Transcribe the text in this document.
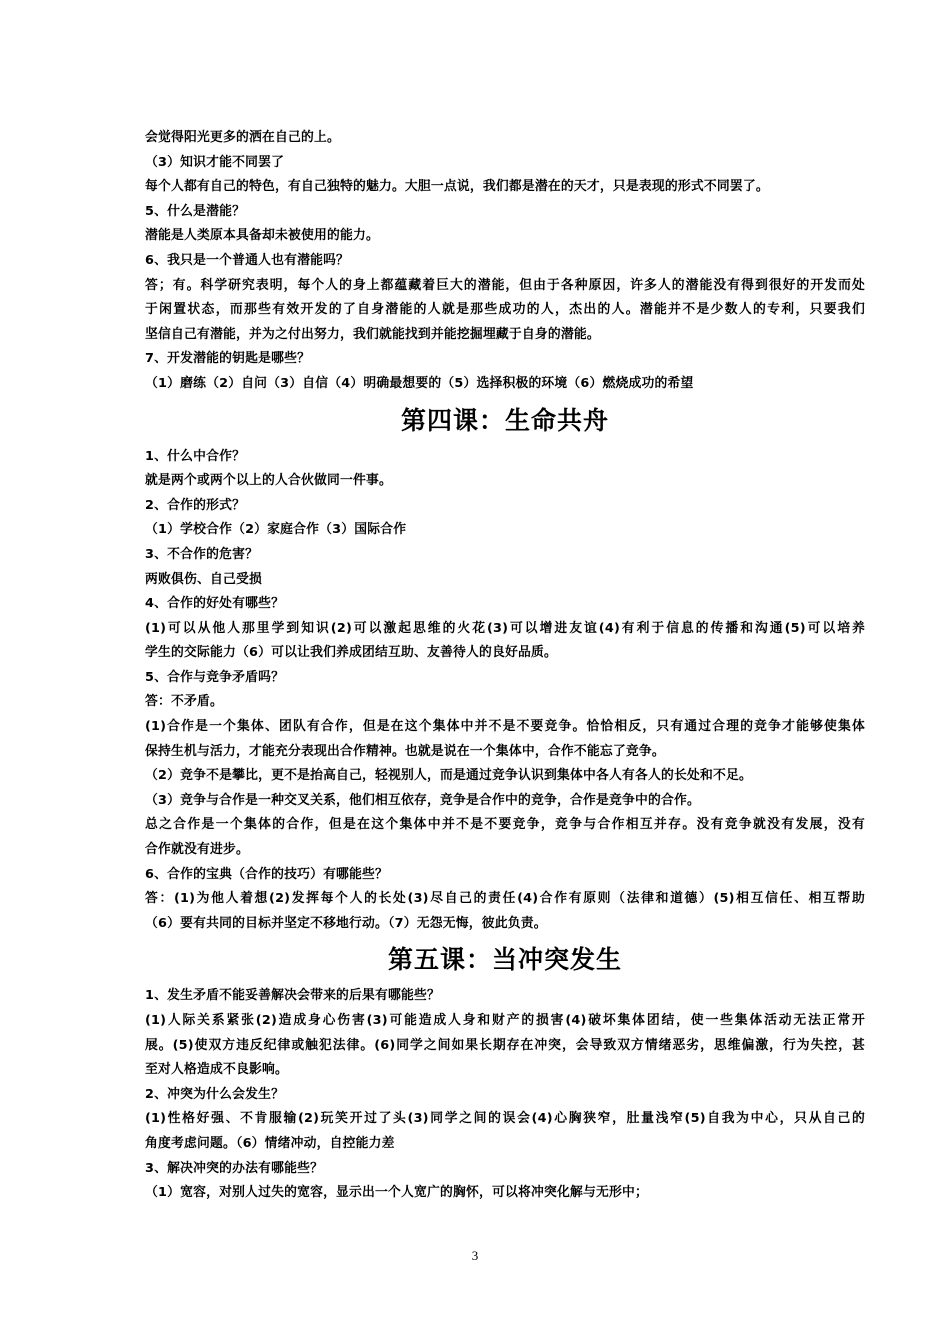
会觉得阳光更多的洒在自己的上。
（3）知识才能不同罢了
每个人都有自己的特色，有自己独特的魅力。大胆一点说，我们都是潜在的天才，只是表现的形式不同罢了。
5、什么是潜能？
潜能是人类原本具备却未被使用的能力。
6、我只是一个普通人也有潜能吗？
答；有。科学研究表明，每个人的身上都蕴藏着巨大的潜能，但由于各种原因，许多人的潜能没有得到很好的开发而处
于闲置状态，而那些有效开发的了自身潜能的人就是那些成功的人，杰出的人。潜能并不是少数人的专利，只要我们
坚信自己有潜能，并为之付出努力，我们就能找到并能挖掘埋藏于自身的潜能。
7、开发潜能的钥匙是哪些？
（1）磨练（2）自问（3）自信（4）明确最想要的（5）选择积极的环境（6）燃烧成功的希望
第四课：生命共舟
1、什么中合作？
就是两个或两个以上的人合伙做同一件事。
2、合作的形式？
（1）学校合作（2）家庭合作（3）国际合作
3、不合作的危害？
两败俱伤、自己受损
4、合作的好处有哪些？
(1)可以从他人那里学到知识(2)可以激起思维的火花(3)可以增进友谊(4)有利于信息的传播和沟通(5)可以培养
学生的交际能力（6）可以让我们养成团结互助、友善待人的良好品质。
5、合作与竞争矛盾吗？
答：不矛盾。
(1)合作是一个集体、团队有合作，但是在这个集体中并不是不要竞争。恰恰相反，只有通过合理的竞争才能够使集体
保持生机与活力，才能充分表现出合作精神。也就是说在一个集体中，合作不能忘了竞争。
（2）竞争不是攀比，更不是抬高自己，轻视别人，而是通过竞争认识到集体中各人有各人的长处和不足。
（3）竞争与合作是一种交叉关系，他们相互依存，竞争是合作中的竞争，合作是竞争中的合作。
总之合作是一个集体的合作，但是在这个集体中并不是不要竞争，竞争与合作相互并存。没有竞争就没有发展，没有
合作就没有进步。
6、合作的宝典（合作的技巧）有哪能些？
答：(1)为他人着想(2)发挥每个人的长处(3)尽自己的责任(4)合作有原则（法律和道德）(5)相互信任、相互帮助
（6）要有共同的目标并坚定不移地行动。（7）无怨无悔，彼此负责。
第五课：当冲突发生
1、发生矛盾不能妥善解决会带来的后果有哪能些？
(1)人际关系紧张(2)造成身心伤害(3)可能造成人身和财产的损害(4)破坏集体团结，使一些集体活动无法正常开
展。(5)使双方违反纪律或触犯法律。(6)同学之间如果长期存在冲突，会导致双方情绪恶劣，思维偏激，行为失控，甚
至对人格造成不良影响。
2、冲突为什么会发生？
(1)性格好强、不肯服输(2)玩笑开过了头(3)同学之间的误会(4)心胸狭窄，肚量浅窄(5)自我为中心，只从自己的
角度考虑问题。（6）情绪冲动，自控能力差
3、解决冲突的办法有哪能些？
（1）宽容，对别人过失的宽容，显示出一个人宽广的胸怀，可以将冲突化解与无形中；
3
